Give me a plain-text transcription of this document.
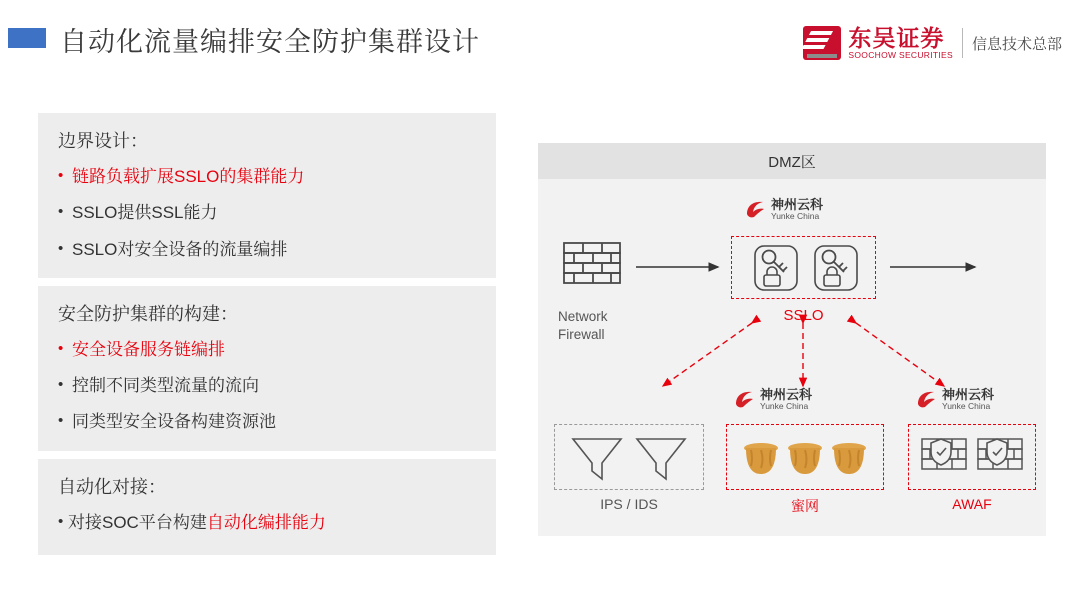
自动化流量编排安全防护集群设计	东吴证券
SOOCHOW SECURITIES
信息技术总部
边界设计：
• 链路负载扩展SSLO的集群能力
• SSLO提供SSL能力
• SSLO对安全设备的流量编排
安全防护集群的构建：
• 安全设备服务链编排
• 控制不同类型流量的流向
• 同类型安全设备构建资源池
自动化对接：
• 对接SOC平台构建自动化编排能力
DMZ区
Network
Firewall
神州云科
Yunke China
SSLO
IPS / IDS
神州云科
Yunke China
蜜网
神州云科
Yunke China
AWAF
